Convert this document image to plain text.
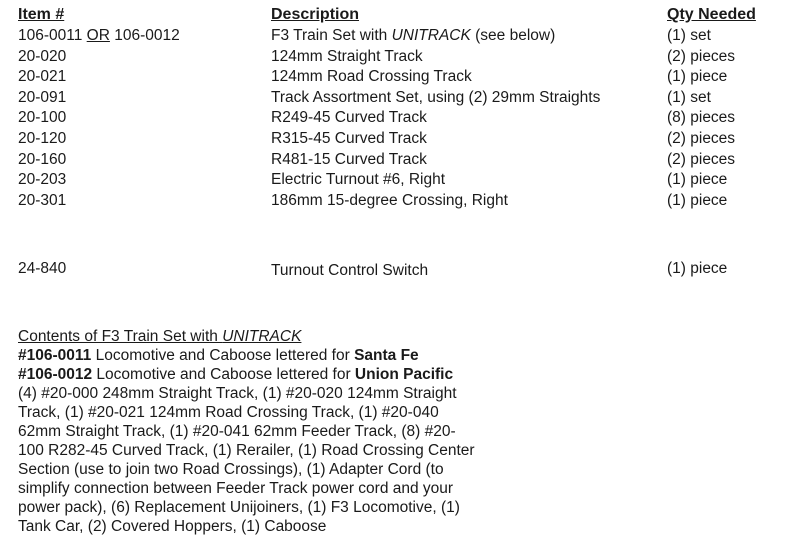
Item #	Description	Qty Needed
106-0011 OR 106-0012	F3 Train Set with UNITRACK (see below)	(1) set
20-020	124mm Straight Track	(2) pieces
20-021	124mm Road Crossing Track	(1) piece
20-091	Track Assortment Set, using (2) 29mm Straights	(1) set
20-100	R249-45 Curved Track	(8) pieces
20-120	R315-45 Curved Track	(2) pieces
20-160	R481-15 Curved Track	(2) pieces
20-203	Electric Turnout #6, Right	(1) piece
20-301	186mm 15-degree Crossing, Right	(1) piece
24-840	Turnout Control Switch	(1) piece

Contents of F3 Train Set with UNITRACK

#106-0011 Locomotive and Caboose lettered for Santa Fe

#106-0012 Locomotive and Caboose lettered for Union Pacific

(4) #20-000 248mm Straight Track, (1) #20-020 124mm Straight

Track, (1) #20-021 124mm Road Crossing Track, (1) #20-040

62mm Straight Track, (1) #20-041 62mm Feeder Track, (8) #20-

100 R282-45 Curved Track, (1) Rerailer, (1) Road Crossing Center

Section (use to join two Road Crossings), (1) Adapter Cord (to

simplify connection between Feeder Track power cord and your

power pack), (6) Replacement Unijoiners, (1) F3 Locomotive, (1)

Tank Car, (2) Covered Hoppers, (1) Caboose
